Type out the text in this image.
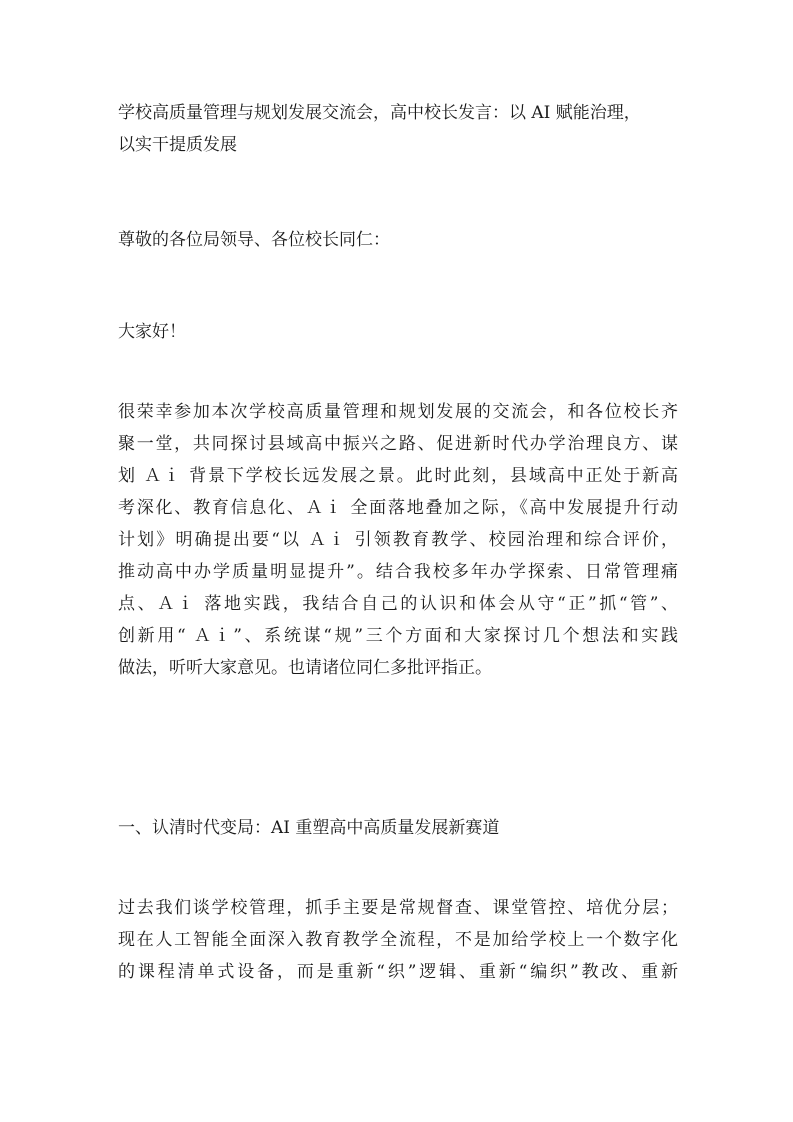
学校高质量管理与规划发展交流会，高中校长发言：以 AI 赋能治理，
以实干提质发展
尊敬的各位局领导、各位校长同仁：
大家好！
很荣幸参加本次学校高质量管理和规划发展的交流会，和各位校长齐
聚一堂，共同探讨县域高中振兴之路、促进新时代办学治理良方、谋
划 Ａｉ 背景下学校长远发展之景。此时此刻，县域高中正处于新高
考深化、教育信息化、Ａｉ 全面落地叠加之际，《高中发展提升行动
计划》明确提出要“以 Ａｉ 引领教育教学、校园治理和综合评价，
推动高中办学质量明显提升”。结合我校多年办学探索、日常管理痛
点、Ａｉ 落地实践，我结合自己的认识和体会从守“正”抓“管”、
创新用“ Ａｉ”、系统谋“规”三个方面和大家探讨几个想法和实践
做法，听听大家意见。也请诸位同仁多批评指正。
一、认清时代变局：AI 重塑高中高质量发展新赛道
过去我们谈学校管理，抓手主要是常规督查、课堂管控、培优分层；
现在人工智能全面深入教育教学全流程，不是加给学校上一个数字化
的课程清单式设备，而是重新“织”逻辑、重新“编织”教改、重新
